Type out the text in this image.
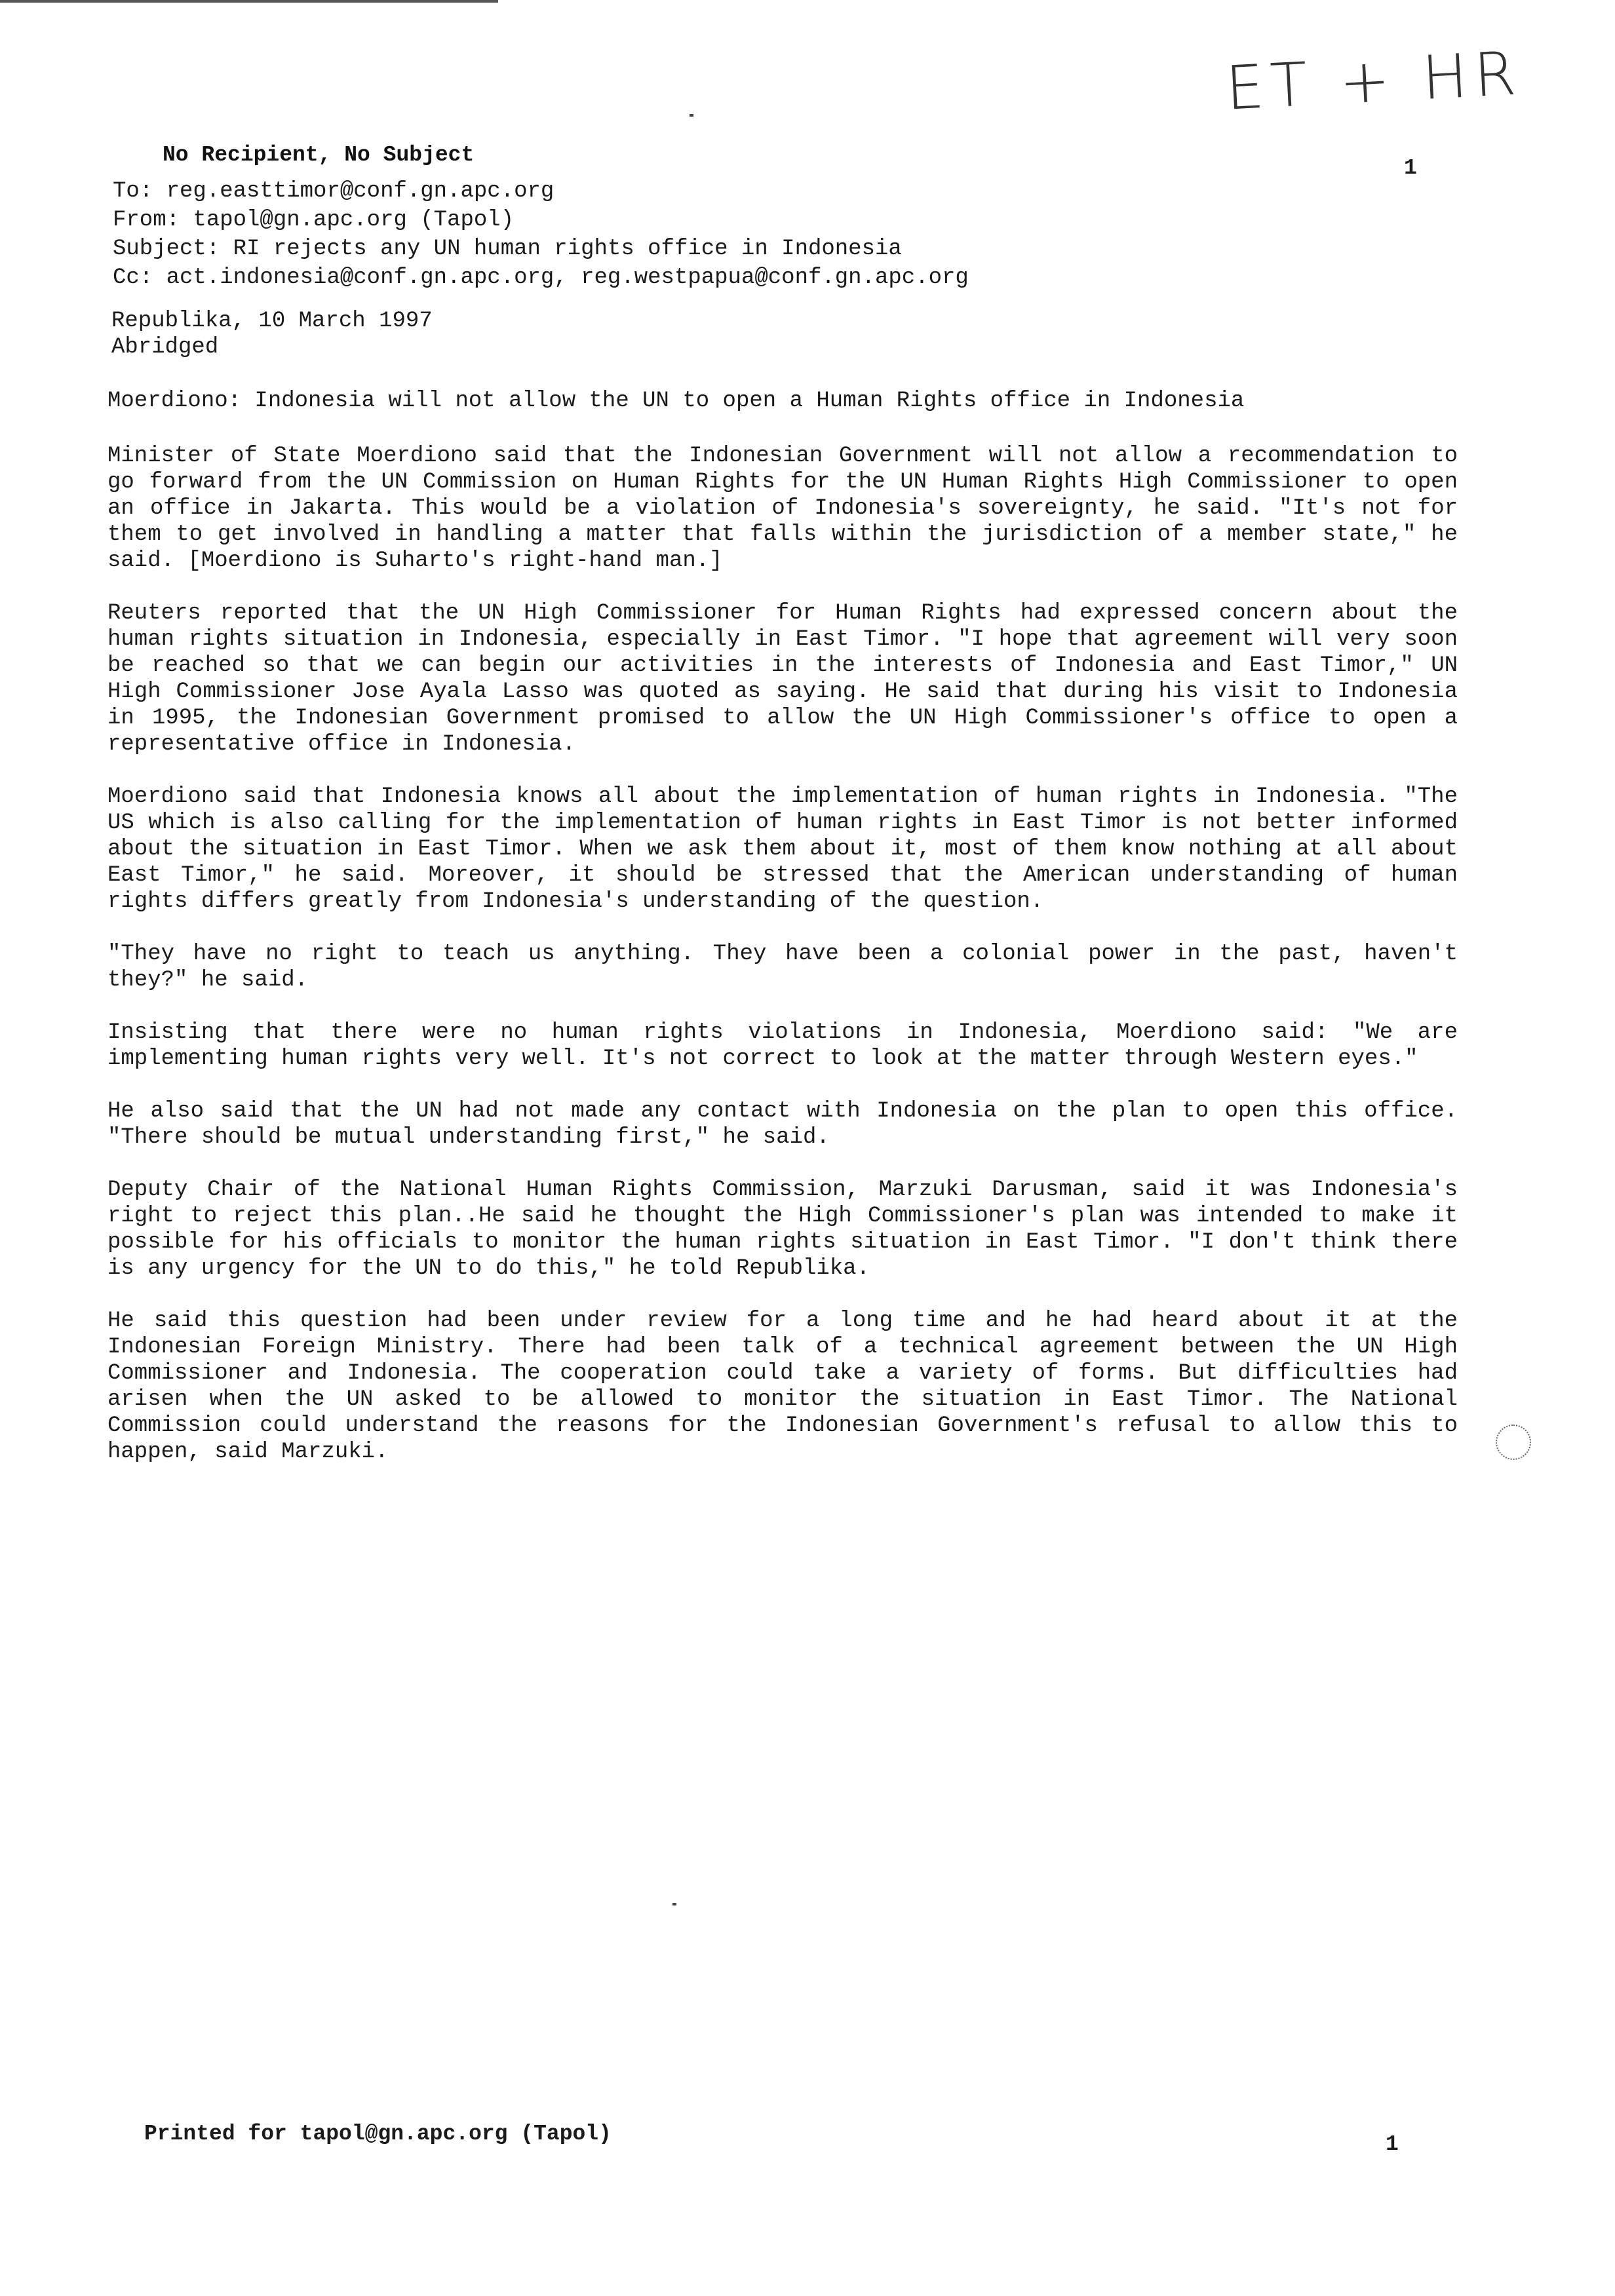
ET + HR
No Recipient, No Subject
1
To: reg.easttimor@conf.gn.apc.org
From: tapol@gn.apc.org (Tapol)
Subject: RI rejects any UN human rights office in Indonesia
Cc: act.indonesia@conf.gn.apc.org, reg.westpapua@conf.gn.apc.org
Republika, 10 March 1997
Abridged

Moerdiono: Indonesia will not allow the UN to open a Human Rights office in Indonesia

Minister of State Moerdiono said that the Indonesian Government will not allow a recommendation to go forward from the UN Commission on Human Rights for the UN Human Rights High Commissioner to open an office in Jakarta. This would be a violation of Indonesia's sovereignty, he said. "It's not for them to get involved in handling a matter that falls within the jurisdiction of a member state," he said. [Moerdiono is Suharto's right-hand man.]

Reuters reported that the UN High Commissioner for Human Rights had expressed concern about the human rights situation in Indonesia, especially in East Timor. "I hope that agreement will very soon be reached so that we can begin our activities in the interests of Indonesia and East Timor," UN High Commissioner Jose Ayala Lasso was quoted as saying. He said that during his visit to Indonesia in 1995, the Indonesian Government promised to allow the UN High Commissioner's office to open a representative office in Indonesia.

Moerdiono said that Indonesia knows all about the implementation of human rights in Indonesia. "The US which is also calling for the implementation of human rights in East Timor is not better informed about the situation in East Timor. When we ask them about it, most of them know nothing at all about East Timor," he said. Moreover, it should be stressed that the American understanding of human rights differs greatly from Indonesia's understanding of the question.

"They have no right to teach us anything. They have been a colonial power in the past, haven't they?" he said.

Insisting that there were no human rights violations in Indonesia, Moerdiono said: "We are implementing human rights very well. It's not correct to look at the matter through Western eyes."

He also said that the UN had not made any contact with Indonesia on the plan to open this office. "There should be mutual understanding first," he said.

Deputy Chair of the National Human Rights Commission, Marzuki Darusman, said it was Indonesia's right to reject this plan..He said he thought the High Commissioner's plan was intended to make it possible for his officials to monitor the human rights situation in East Timor. "I don't think there is any urgency for the UN to do this," he told Republika.

He said this question had been under review for a long time and he had heard about it at the Indonesian Foreign Ministry. There had been talk of a technical agreement between the UN High Commissioner and Indonesia. The cooperation could take a variety of forms. But difficulties had arisen when the UN asked to be allowed to monitor the situation in East Timor. The National Commission could understand the reasons for the Indonesian Government's refusal to allow this to happen, said Marzuki.

Printed for tapol@gn.apc.org (Tapol)	1
